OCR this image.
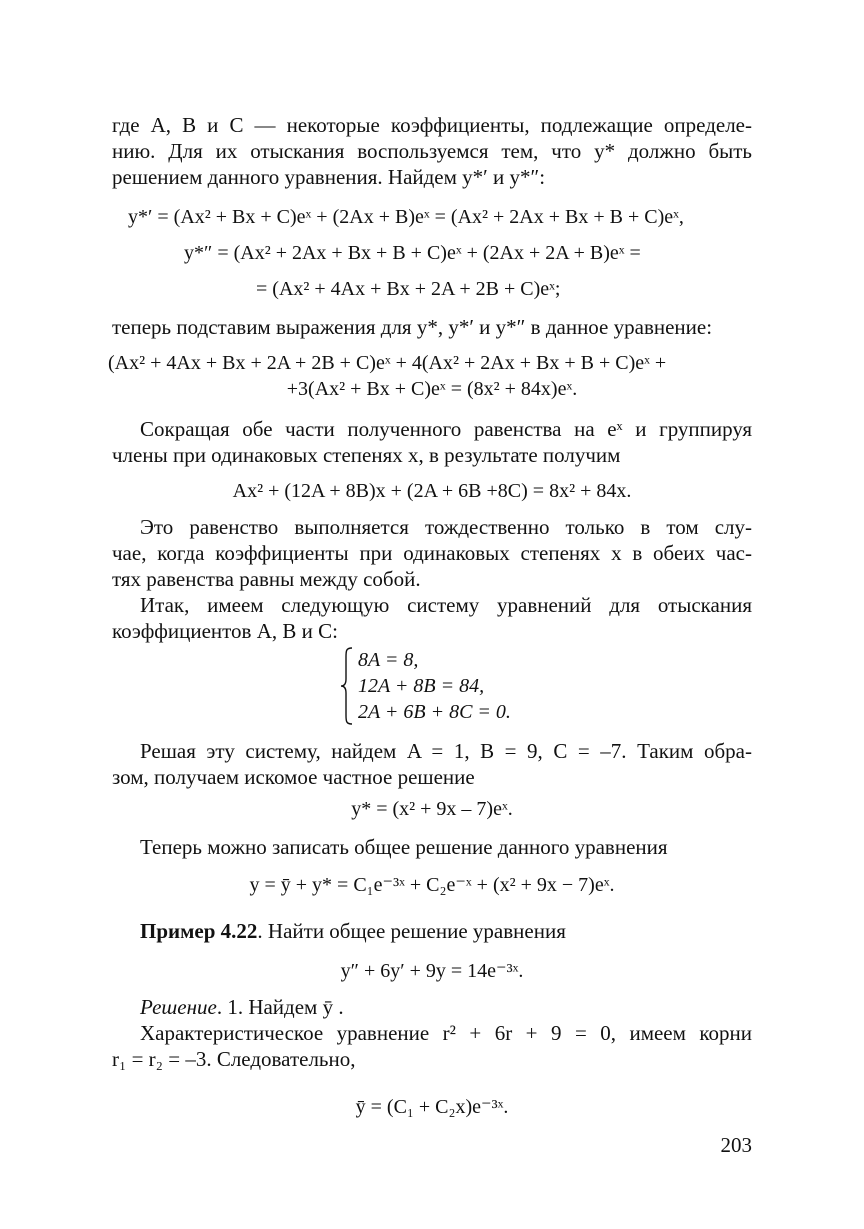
где A, B и C — некоторые коэффициенты, подлежащие определе-
нию. Для их отыскания воспользуемся тем, что y* должно быть
решением данного уравнения. Найдем y*′ и y*″:
y*′ = (Ax² + Bx + C)eˣ + (2Ax + B)eˣ = (Ax² + 2Ax + Bx + B + C)eˣ,
y*″ = (Ax² + 2Ax + Bx + B + C)eˣ + (2Ax + 2A + B)eˣ =
= (Ax² + 4Ax + Bx + 2A + 2B + C)eˣ;
теперь подставим выражения для y*, y*′ и y*″ в данное уравнение:
(Ax² + 4Ax + Bx + 2A + 2B + C)eˣ + 4(Ax² + 2Ax + Bx + B + C)eˣ +
+3(Ax² + Bx + C)eˣ = (8x² + 84x)eˣ.
Сокращая обе части полученного равенства на eˣ и группируя
члены при одинаковых степенях x, в результате получим
Ax² + (12A + 8B)x + (2A + 6B +8C) = 8x² + 84x.
Это равенство выполняется тождественно только в том слу-
чае, когда коэффициенты при одинаковых степенях x в обеих час-
тях равенства равны между собой.
Итак, имеем следующую систему уравнений для отыскания
коэффициентов A, B и C:
8A = 8,
12A + 8B = 84,
2A + 6B + 8C = 0.
Решая эту систему, найдем A = 1, B = 9, C = –7. Таким обра-
зом, получаем искомое частное решение
y* = (x² + 9x – 7)eˣ.
Теперь можно записать общее решение данного уравнения
y = ȳ + y* = C₁e⁻³ˣ + C₂e⁻ˣ + (x² + 9x − 7)eˣ.
Пример 4.22. Найти общее решение уравнения
y″ + 6y′ + 9y = 14e⁻³ˣ.
Решение. 1. Найдем ȳ .
Характеристическое уравнение r² + 6r + 9 = 0, имеем корни
r₁ = r₂ = –3. Следовательно,
ȳ = (C₁ + C₂x)e⁻³ˣ.
203
